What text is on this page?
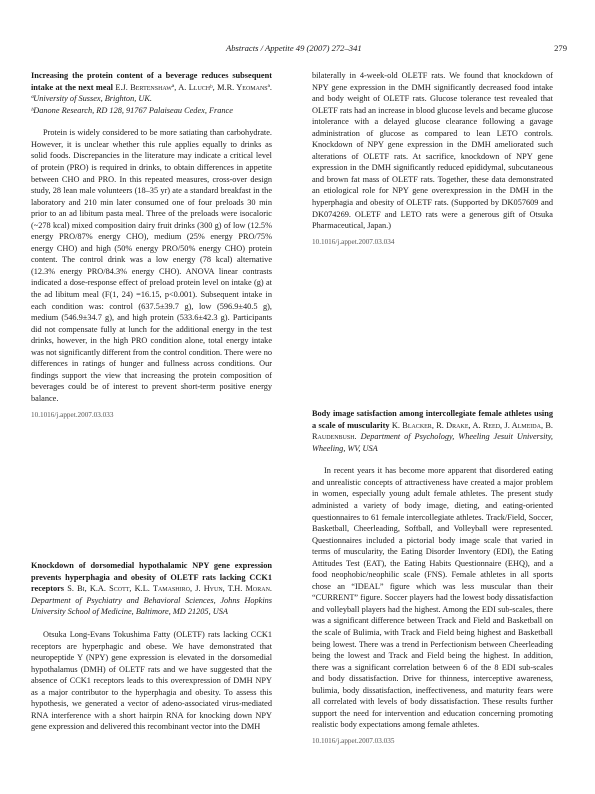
Abstracts / Appetite 49 (2007) 272–341	279
Increasing the protein content of a beverage reduces subsequent intake at the next meal E.J. Bertenshawª, A. Lluchᵇ, M.R. Yeomansª. ªUniversity of Sussex, Brighton, UK.
ᵇDanone Research, RD 128, 91767 Palaiseau Cedex, France

Protein is widely considered to be more satiating than carbohydrate. However, it is unclear whether this rule applies equally to drinks as solid foods. Discrepancies in the literature may indicate a critical level of protein (PRO) is required in drinks, to obtain differences in appetite between CHO and PRO. In this repeated measures, cross-over design study, 28 lean male volunteers (18–35 yr) ate a standard breakfast in the laboratory and 210 min later consumed one of four preloads 30 min prior to an ad libitum pasta meal. Three of the preloads were isocaloric (~278 kcal) mixed composition dairy fruit drinks (300 g) of low (12.5% energy PRO/87% energy CHO), medium (25% energy PRO/75% energy CHO) and high (50% energy PRO/50% energy CHO) protein content. The control drink was a low energy (78 kcal) alternative (12.3% energy PRO/84.3% energy CHO). ANOVA linear contrasts indicated a dose-response effect of preload protein level on intake (g) at the ad libitum meal (F(1, 24) =16.15, p<0.001). Subsequent intake in each condition was: control (637.5±39.7 g), low (596.9±40.5 g), medium (546.9±34.7 g), and high protein (533.6±42.3 g). Participants did not compensate fully at lunch for the additional energy in the test drinks, however, in the high PRO condition alone, total energy intake was not significantly different from the control condition. There were no differences in ratings of hunger and fullness across conditions. Our findings support the view that increasing the protein composition of beverages could be of interest to prevent short-term positive energy balance.

10.1016/j.appet.2007.03.033
Knockdown of dorsomedial hypothalamic NPY gene expression prevents hyperphagia and obesity of OLETF rats lacking CCK1 receptors S. Bi, K.A. Scott, K.L. Tamashiro, J. Hyun, T.H. Moran. Department of Psychiatry and Behavioral Sciences, Johns Hopkins University School of Medicine, Baltimore, MD 21205, USA

Otsuka Long-Evans Tokushima Fatty (OLETF) rats lacking CCK1 receptors are hyperphagic and obese. We have demonstrated that neuropeptide Y (NPY) gene expression is elevated in the dorsomedial hypothalamus (DMH) of OLETF rats and we have suggested that the absence of CCK1 receptors leads to this overexpression of DMH NPY as a major contributor to the hyperphagia and obesity. To assess this hypothesis, we generated a vector of adeno-associated virus-mediated RNA interference with a short hairpin RNA for knocking down NPY gene expression and delivered this recombinant vector into the DMH

bilaterally in 4-week-old OLETF rats. We found that knockdown of NPY gene expression in the DMH significantly decreased food intake and body weight of OLETF rats. Glucose tolerance test revealed that OLETF rats had an increase in blood glucose levels and became glucose intolerance with a delayed glucose clearance following a gavage administration of glucose as compared to lean LETO controls. Knockdown of NPY gene expression in the DMH ameliorated such alterations of OLETF rats. At sacrifice, knockdown of NPY gene expression in the DMH significantly reduced epididymal, subcutaneous and brown fat mass of OLETF rats. Together, these data demonstrated an etiological role for NPY gene overexpression in the DMH in the hyperphagia and obesity of OLETF rats. (Supported by DK057609 and DK074269. OLETF and LETO rats were a generous gift of Otsuka Pharmaceutical, Japan.)

10.1016/j.appet.2007.03.034
Body image satisfaction among intercollegiate female athletes using a scale of muscularity K. Blacker, R. Drake, A. Reed, J. Almeida, B. Raudenbush. Department of Psychology, Wheeling Jesuit University, Wheeling, WV, USA

In recent years it has become more apparent that disordered eating and unrealistic concepts of attractiveness have created a major problem in women, especially young adult female athletes. The present study administed a variety of body image, dieting, and eating-oriented questionnaires to 61 female intercollegiate athletes. Track/Field, Soccer, Basketball, Cheerleading, Softball, and Volleyball were represented. Questionnaires included a pictorial body image scale that varied in terms of muscularity, the Eating Disorder Inventory (EDI), the Eating Attitudes Test (EAT), the Eating Habits Questionnaire (EHQ), and a food neophobic/neophilic scale (FNS). Female athletes in all sports chose an “IDEAL” figure which was less muscular than their “CURRENT” figure. Soccer players had the lowest body dissatisfaction and volleyball players had the highest. Among the EDI sub-scales, there was a significant difference between Track and Field and Basketball on the scale of Bulimia, with Track and Field being highest and Basketball being lowest. There was a trend in Perfectionism between Cheerleading being the lowest and Track and Field being the highest. In addition, there was a significant correlation between 6 of the 8 EDI sub-scales and body dissatisfaction. Drive for thinness, interceptive awareness, bulimia, body dissatisfaction, ineffectiveness, and maturity fears were all correlated with levels of body dissatisfaction. These results further support the need for intervention and education concerning promoting realistic body expectations among female athletes.

10.1016/j.appet.2007.03.035
